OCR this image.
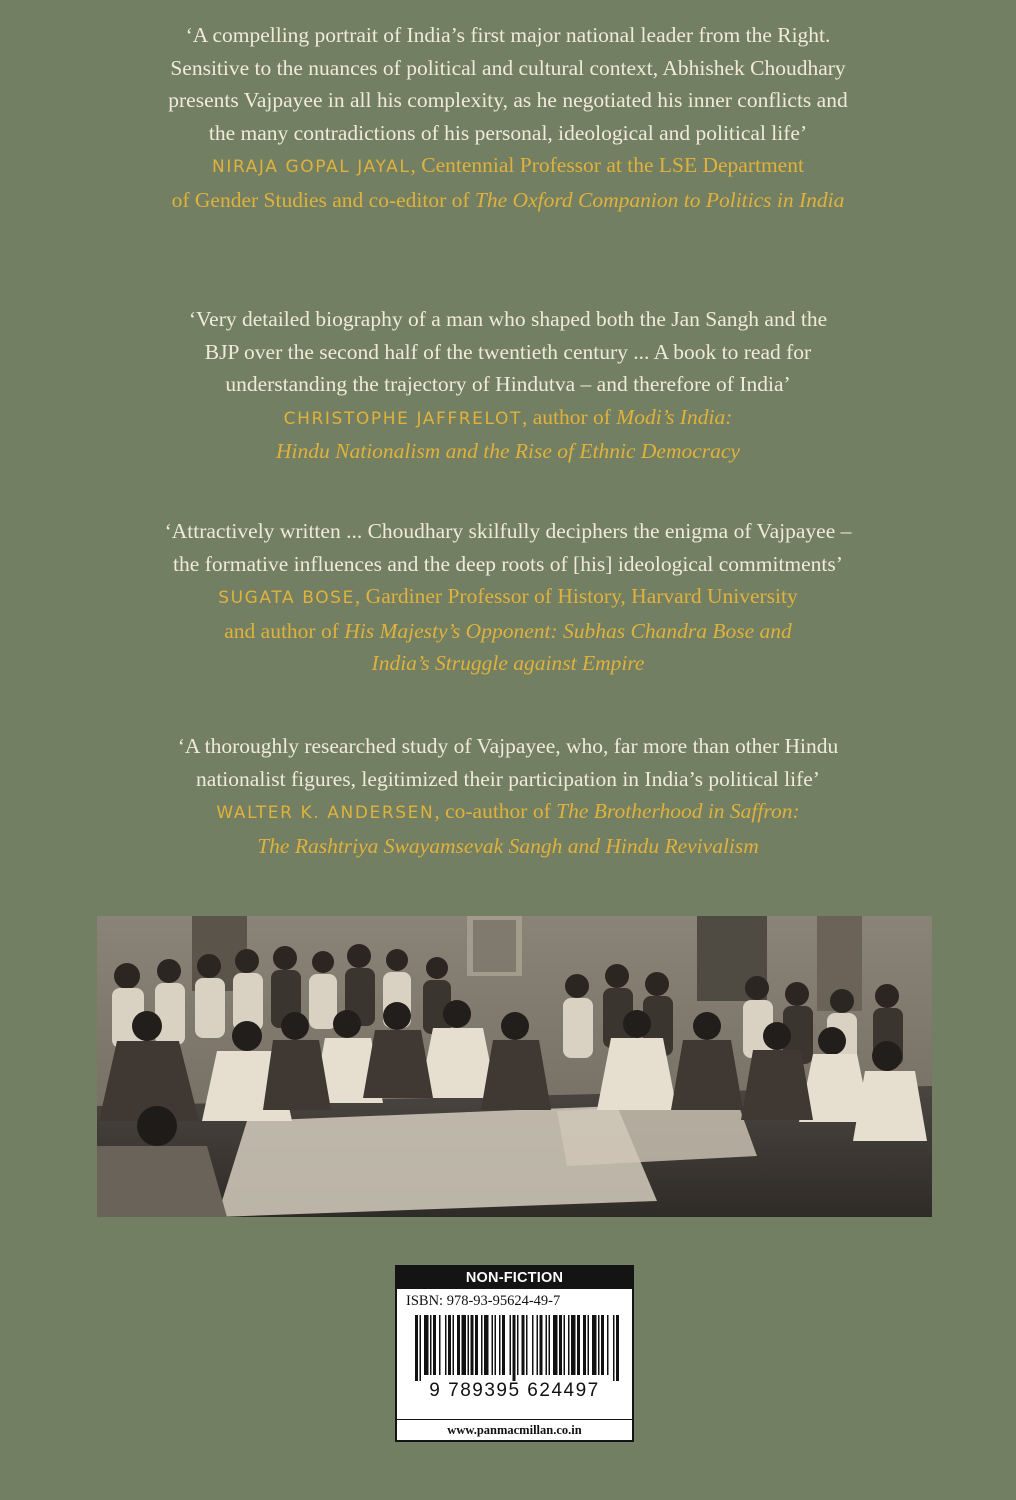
‘A compelling portrait of India’s first major national leader from the Right.
Sensitive to the nuances of political and cultural context, Abhishek Choudhary
presents Vajpayee in all his complexity, as he negotiated his inner conflicts and
the many contradictions of his personal, ideological and political life’
NIRAJA GOPAL JAYAL, Centennial Professor at the LSE Department
of Gender Studies and co-editor of The Oxford Companion to Politics in India
‘Very detailed biography of a man who shaped both the Jan Sangh and the
BJP over the second half of the twentieth century ... A book to read for
understanding the trajectory of Hindutva – and therefore of India’
CHRISTOPHE JAFFRELOT, author of Modi’s India:
Hindu Nationalism and the Rise of Ethnic Democracy
‘Attractively written ... Choudhary skilfully deciphers the enigma of Vajpayee –
the formative influences and the deep roots of [his] ideological commitments’
SUGATA BOSE, Gardiner Professor of History, Harvard University
and author of His Majesty’s Opponent: Subhas Chandra Bose and
India’s Struggle against Empire
‘A thoroughly researched study of Vajpayee, who, far more than other Hindu
nationalist figures, legitimized their participation in India’s political life’
WALTER K. ANDERSEN, co-author of The Brotherhood in Saffron:
The Rashtriya Swayamsevak Sangh and Hindu Revivalism
NON-FICTION
ISBN: 978-93-95624-49-7
9 789395 624497
www.panmacmillan.co.in
